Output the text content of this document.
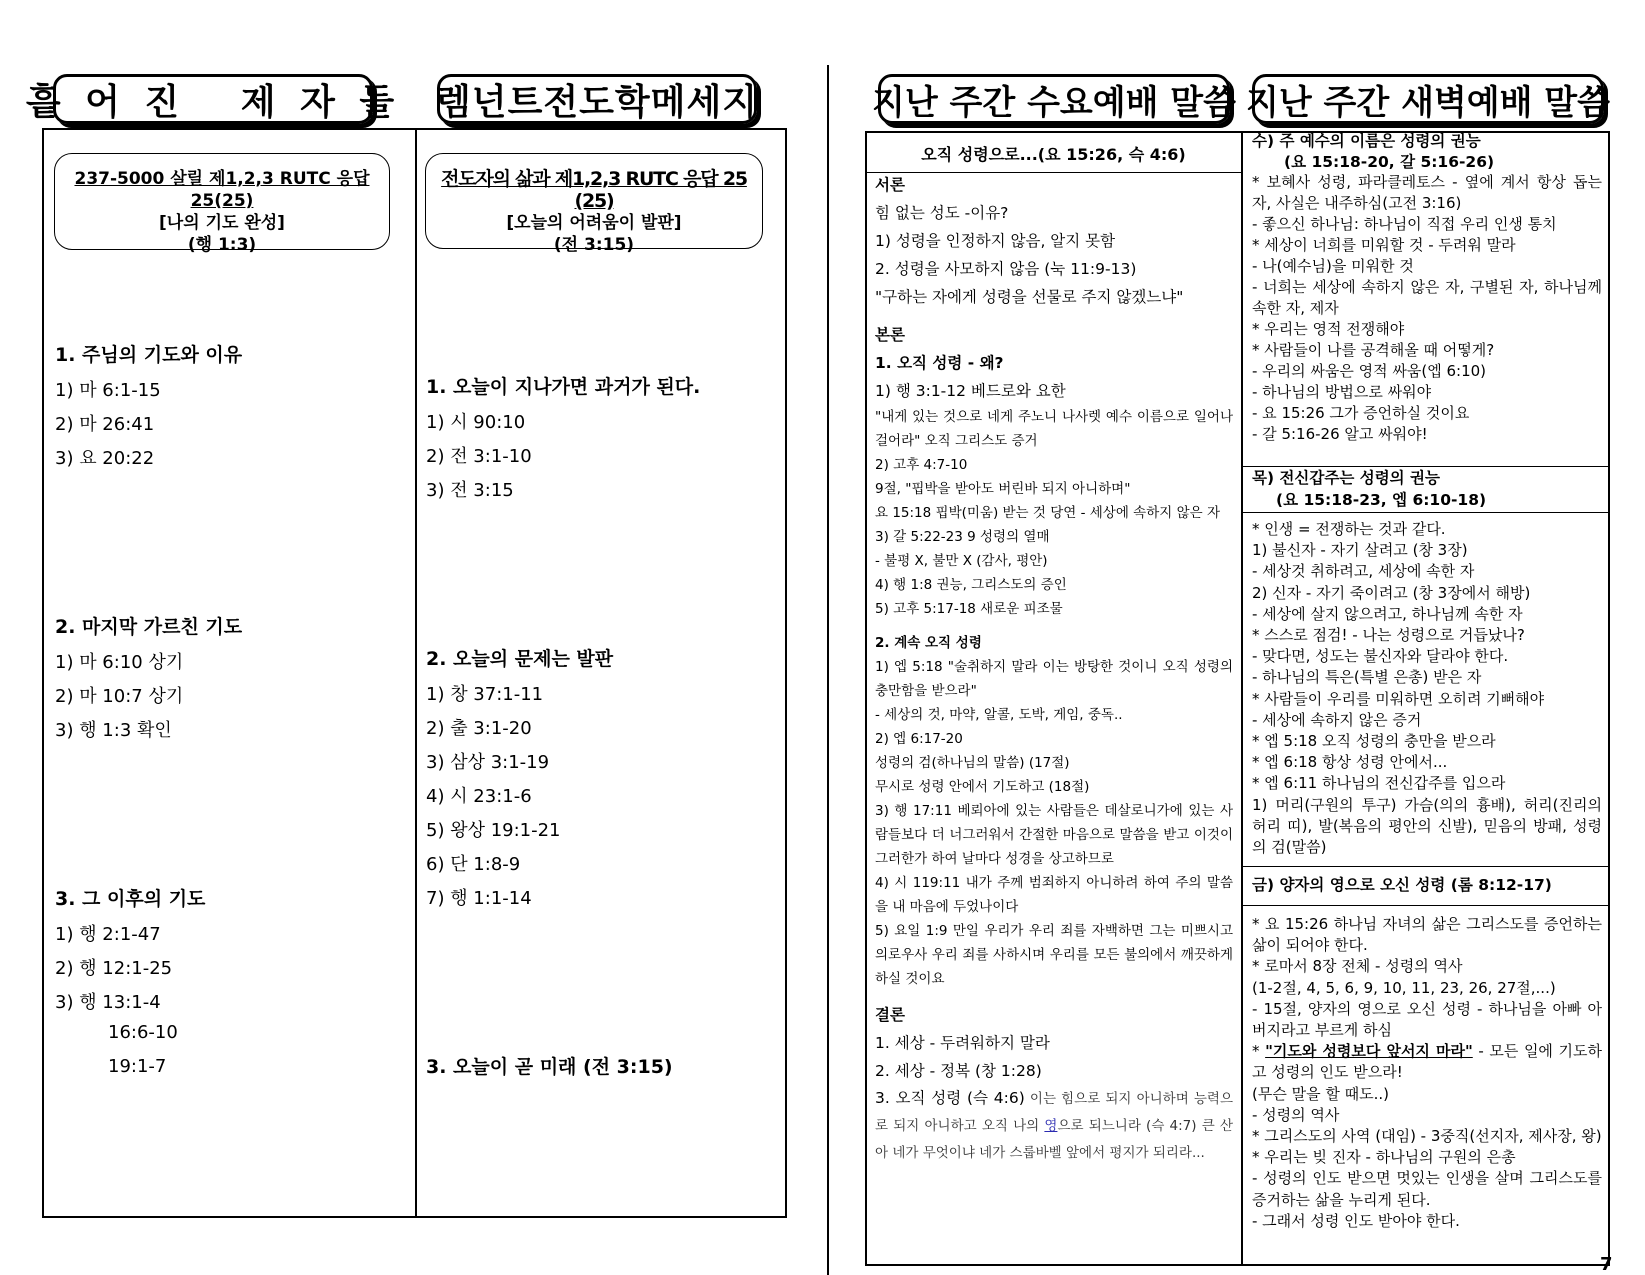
흩 어 진   제 자 들 렘넌트전도학메세지	지난 주간 수요예배 말씀 지난 주간 새벽예배 말씀
237-5000 살릴 제1,2,3 RUTC 응답 25(25)
[나의 기도 완성]
(행 1:3)
1. 주님의 기도와 이유
1) 마 6:1-15
2) 마 26:41
3) 요 20:22
2. 마지막 가르친 기도
1) 마 6:10 상기
2) 마 10:7 상기
3) 행 1:3 확인
3. 그 이후의 기도
1) 행 2:1-47
2) 행 12:1-25
3) 행 13:1-4
16:6-10
19:1-7
전도자의 삶과 제1,2,3 RUTC 응답 25 (25)
[오늘의 어려움이 발판]
(전 3:15)
1. 오늘이 지나가면 과거가 된다.
1) 시 90:10
2) 전 3:1-10
3) 전 3:15
2. 오늘의 문제는 발판
1) 창 37:1-11
2) 출 3:1-20
3) 삼상 3:1-19
4) 시 23:1-6
5) 왕상 19:1-21
6) 단 1:8-9
7) 행 1:1-14
3. 오늘이 곧 미래 (전 3:15)
오직 성령으로...(요 15:26, 슥 4:6)
서론
힘 없는 성도 -이유?
1) 성령을 인정하지 않음, 알지 못함
2. 성령을 사모하지 않음 (눅 11:9-13)
"구하는 자에게 성령을 선물로 주지 않겠느냐"
본론
1. 오직 성령 - 왜?
1) 행 3:1-12 베드로와 요한
"내게 있는 것으로 네게 주노니 나사렛 예수 이름으로 일어나 걸어라" 오직 그리스도 증거
2) 고후 4:7-10
9절, "핍박을 받아도 버린바 되지 아니하며"
요 15:18 핍박(미움) 받는 것 당연 - 세상에 속하지 않은 자
3) 갈 5:22-23 9 성령의 열매
- 불평 X, 불만 X (감사, 평안)
4) 행 1:8 권능, 그리스도의 증인
5) 고후 5:17-18 새로운 피조물
2. 계속 오직 성령
1) 엡 5:18 "술취하지 말라 이는 방탕한 것이니 오직 성령의 충만함을 받으라"
- 세상의 것, 마약, 알콜, 도박, 게임, 중독..
2) 엡 6:17-20
성령의 검(하나님의 말씀) (17절)
무시로 성령 안에서 기도하고 (18절)
3) 행 17:11 베뢰아에 있는 사람들은 데살로니가에 있는 사람들보다 더 너그러워서 간절한 마음으로 말씀을 받고 이것이 그러한가 하여 날마다 성경을 상고하므로
4) 시 119:11 내가 주께 범죄하지 아니하려 하여 주의 말씀을 내 마음에 두었나이다
5) 요일 1:9 만일 우리가 우리 죄를 자백하면 그는 미쁘시고 의로우사 우리 죄를 사하시며 우리를 모든 불의에서 깨끗하게 하실 것이요
결론
1. 세상 - 두려워하지 말라
2. 세상 - 정복 (창 1:28)
3. 오직 성령 (슥 4:6) 이는 힘으로 되지 아니하며 능력으로 되지 아니하고 오직 나의 영으로 되느니라 (슥 4:7) 큰 산아 네가 무엇이냐 네가 스룹바벨 앞에서 평지가 되리라...
수) 주 예수의 이름은 성령의 권능
(요 15:18-20, 갈 5:16-26)
* 보혜사 성령, 파라클레토스 - 옆에 계서 항상 돕는 자, 사실은 내주하심(고전 3:16)
- 좋으신 하나님: 하나님이 직접 우리 인생 통치
* 세상이 너희를 미워할 것 - 두려워 말라
- 나(예수님)을 미워한 것
- 너희는 세상에 속하지 않은 자, 구별된 자, 하나님께 속한 자, 제자
* 우리는 영적 전쟁해야
* 사람들이 나를 공격해올 때 어떻게?
- 우리의 싸움은 영적 싸움(엡 6:10)
- 하나님의 방법으로 싸워야
- 요 15:26 그가 증언하실 것이요
- 갈 5:16-26 알고 싸워야!
목) 전신갑주는 성령의 권능
(요 15:18-23, 엡 6:10-18)
* 인생 = 전쟁하는 것과 같다.
1) 불신자 - 자기 살려고 (창 3장)
- 세상것 취하려고, 세상에 속한 자
2) 신자 - 자기 죽이려고 (창 3장에서 해방)
- 세상에 살지 않으려고, 하나님께 속한 자
* 스스로 점검! - 나는 성령으로 거듭났나?
- 맞다면, 성도는 불신자와 달라야 한다.
- 하나님의 특은(특별 은총) 받은 자
* 사람들이 우리를 미워하면 오히려 기뻐해야
- 세상에 속하지 않은 증거
* 엡 5:18 오직 성령의 충만을 받으라
* 엡 6:18 항상 성령 안에서...
* 엡 6:11 하나님의 전신갑주를 입으라
1) 머리(구원의 투구) 가슴(의의 흉배), 허리(진리의 허리 띠), 발(복음의 평안의 신발), 믿음의 방패, 성령의 검(말씀)
금) 양자의 영으로 오신 성령 (롬 8:12-17)
* 요 15:26 하나님 자녀의 삶은 그리스도를 증언하는 삶이 되어야 한다.
* 로마서 8장 전체 - 성령의 역사
(1-2절, 4, 5, 6, 9, 10, 11, 23, 26, 27절,...)
- 15절, 양자의 영으로 오신 성령 - 하나님을 아빠 아버지라고 부르게 하심
* "기도와 성령보다 앞서지 마라" - 모든 일에 기도하고 성령의 인도 받으라!
(무슨 말을 할 때도..)
- 성령의 역사
* 그리스도의 사역 (대임) - 3중직(선지자, 제사장, 왕)
* 우리는 빚 진자 - 하나님의 구원의 은총
- 성령의 인도 받으면 멋있는 인생을 살며 그리스도를 증거하는 삶을 누리게 된다.
- 그래서 성령 인도 받아야 한다.
7
